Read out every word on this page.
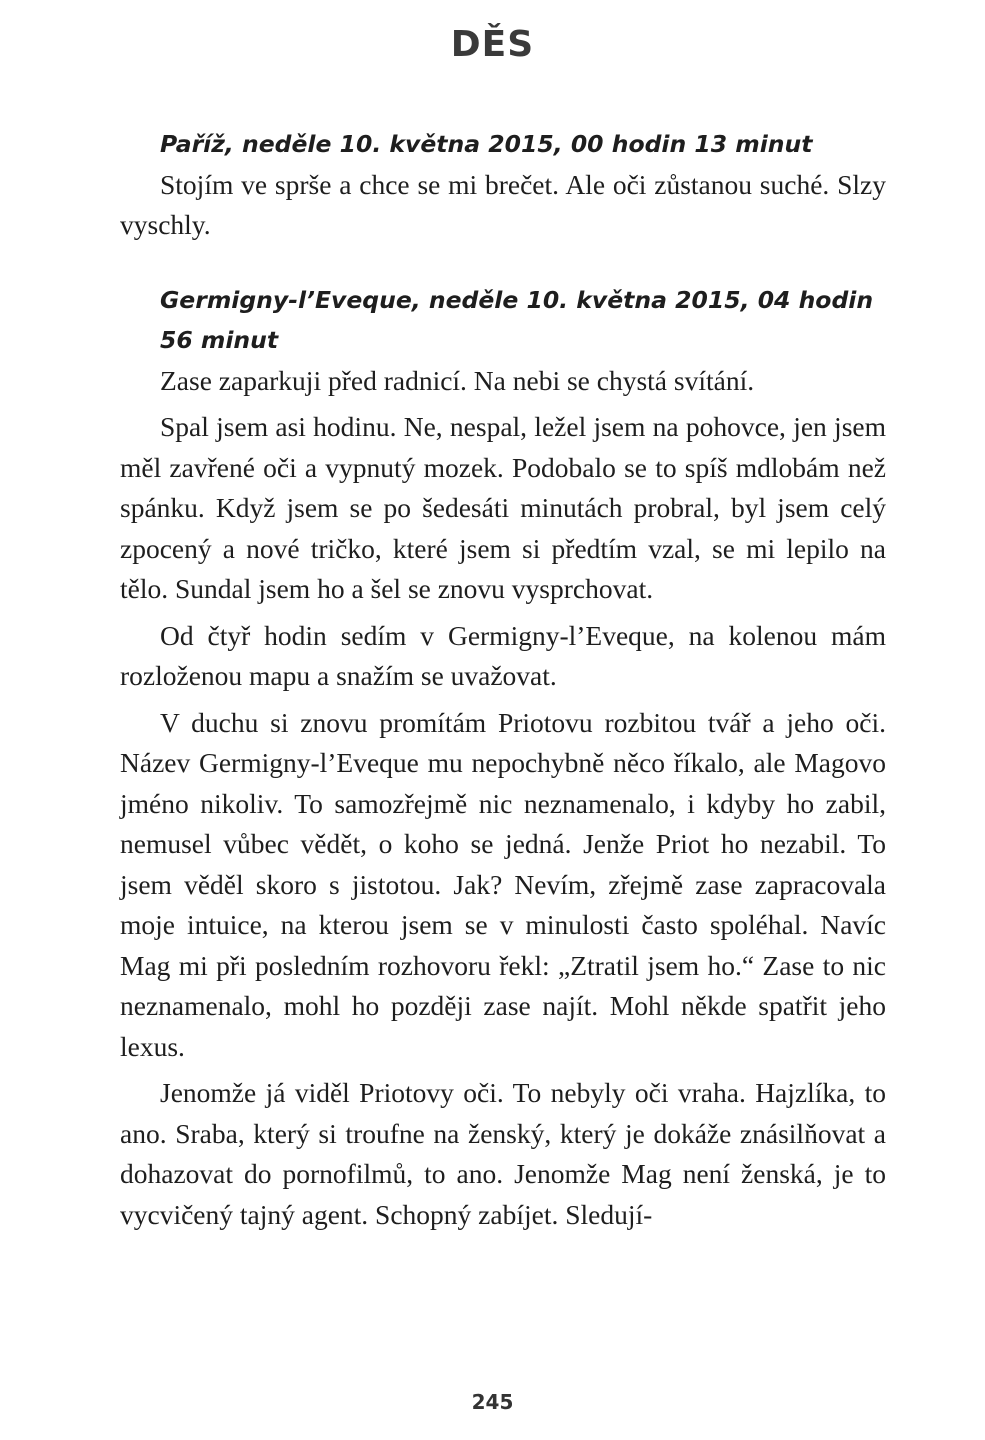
DĚS
Paříž, neděle 10. května 2015, 00 hodin 13 minut

Stojím ve sprše a chce se mi brečet. Ale oči zůstanou suché. Slzy vyschly.

Germigny-l’Eveque, neděle 10. května 2015, 04 hodin 56 minut

Zase zaparkuji před radnicí. Na nebi se chystá svítání.

Spal jsem asi hodinu. Ne, nespal, ležel jsem na pohovce, jen jsem měl zavřené oči a vypnutý mozek. Podobalo se to spíš mdlobám než spánku. Když jsem se po šedesáti minutách probral, byl jsem celý zpocený a nové tričko, které jsem si předtím vzal, se mi lepilo na tělo. Sundal jsem ho a šel se znovu vysprchovat.

Od čtyř hodin sedím v Germigny-l’Eveque, na kolenou mám rozloženou mapu a snažím se uvažovat.

V duchu si znovu promítám Priotovu rozbitou tvář a jeho oči. Název Germigny-l’Eveque mu nepochybně něco říkalo, ale Magovo jméno nikoliv. To samozřejmě nic neznamenalo, i kdyby ho zabil, nemusel vůbec vědět, o koho se jedná. Jenže Priot ho nezabil. To jsem věděl skoro s jistotou. Jak? Nevím, zřejmě zase zapracovala moje intuice, na kterou jsem se v minulosti často spoléhal. Navíc Mag mi při posledním rozhovoru řekl: „Ztratil jsem ho.“ Zase to nic neznamenalo, mohl ho později zase najít. Mohl někde spatřit jeho lexus.

Jenomže já viděl Priotovy oči. To nebyly oči vraha. Hajzlíka, to ano. Sraba, který si troufne na ženský, který je dokáže znásilňovat a dohazovat do pornofilmů, to ano. Jenomže Mag není ženská, je to vycvičený tajný agent. Schopný zabíjet. Sledují-

245
